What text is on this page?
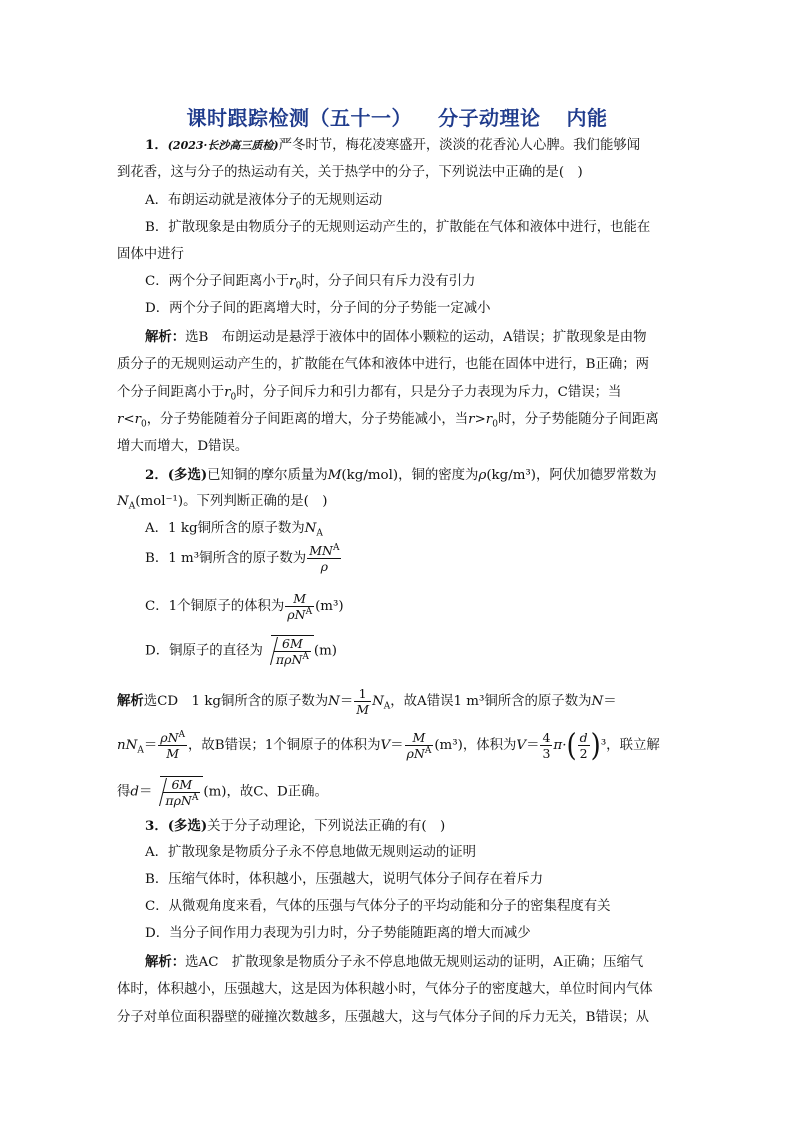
课时跟踪检测（五十一） 分子动理论 内能
1．(2023·长沙高三质检)严冬时节，梅花凌寒盛开，淡淡的花香沁人心脾。我们能够闻
到花香，这与分子的热运动有关，关于热学中的分子，下列说法中正确的是(　)
A．布朗运动就是液体分子的无规则运动
B．扩散现象是由物质分子的无规则运动产生的，扩散能在气体和液体中进行，也能在
固体中进行
C．两个分子间距离小于$r_0$时，分子间只有斥力没有引力
D．两个分子间的距离增大时，分子间的分子势能一定减小
解析：选B　布朗运动是悬浮于液体中的固体小颗粒的运动，A错误；扩散现象是由物
质分子的无规则运动产生的，扩散能在气体和液体中进行，也能在固体中进行，B正确；两
个分子间距离小于$r_0$时，分子间斥力和引力都有，只是分子力表现为斥力，C错误；当
$r<r_0$，分子势能随着分子间距离的增大，分子势能减小，当$r>r_0$时，分子势能随分子间距离
增大而增大，D错误。
2．(多选)已知铜的摩尔质量为M(kg/mol)，铜的密度为ρ(kg/m³)，阿伏加德罗常数为
$N_A(mol^{-1})$。下列判断正确的是(　)
A．1 kg铜所含的原子数为$N_A$
B．1 m³铜所含的原子数为 $\frac{MN^A}{\rho}$
C．1个铜原子的体积为 $\frac{M}{\rho N^A} (m^3)$
D．铜原子的直径为 $\frac{6M}{\pi\rho N^A} (m)$
解析选CD　1 kg铜所含的原子数为$N= \frac{1}{M} N_A$，故A错误1 m³铜所含的原子数为N＝
$nN_A= \frac{\rho N^A}{M}$ ，故B错误；1个铜原子的体积为$V= \frac{M}{\rho N^A} (m^3)$，体积为$V= \frac{4}{3} \pi\cdot( \frac{d}{2} )^3$，联立解
得$d= \frac{6M}{\pi\rho N^A} (m)$，故C、D正确。
3．(多选)关于分子动理论，下列说法正确的有(　)
A．扩散现象是物质分子永不停息地做无规则运动的证明
B．压缩气体时，体积越小，压强越大，说明气体分子间存在着斥力
C．从微观角度来看，气体的压强与气体分子的平均动能和分子的密集程度有关
D．当分子间作用力表现为引力时，分子势能随距离的增大而减少
解析：选AC　扩散现象是物质分子永不停息地做无规则运动的证明，A正确；压缩气
体时，体积越小，压强越大，这是因为体积越小时，气体分子的密度越大，单位时间内气体
分子对单位面积器壁的碰撞次数越多，压强越大，这与气体分子间的斥力无关，B错误；从
